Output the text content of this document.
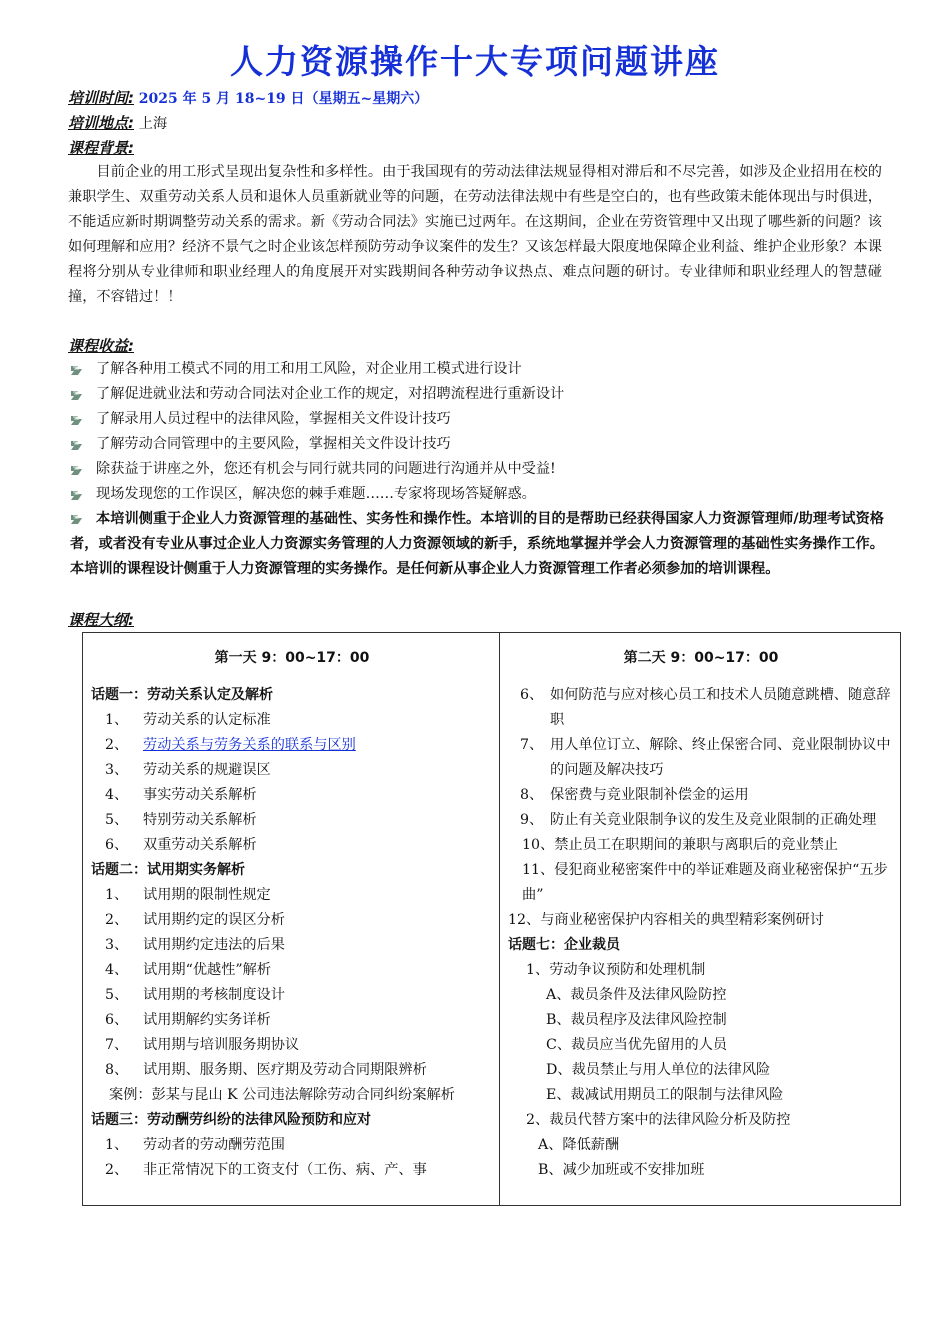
人力资源操作十大专项问题讲座
培训时间: 2025 年 5 月 18~19 日（星期五~星期六）
培训地点: 上海
课程背景:
目前企业的用工形式呈现出复杂性和多样性。由于我国现有的劳动法律法规显得相对滞后和不尽完善，如涉及企业招用在校的兼职学生、双重劳动关系人员和退休人员重新就业等的问题，在劳动法律法规中有些是空白的，也有些政策未能体现出与时俱进，不能适应新时期调整劳动关系的需求。新《劳动合同法》实施已过两年。在这期间，企业在劳资管理中又出现了哪些新的问题？该如何理解和应用？经济不景气之时企业该怎样预防劳动争议案件的发生？又该怎样最大限度地保障企业利益、维护企业形象？本课程将分别从专业律师和职业经理人的角度展开对实践期间各种劳动争议热点、难点问题的研讨。专业律师和职业经理人的智慧碰撞，不容错过！！
课程收益:
了解各种用工模式不同的用工和用工风险，对企业用工模式进行设计
了解促进就业法和劳动合同法对企业工作的规定，对招聘流程进行重新设计
了解录用人员过程中的法律风险，掌握相关文件设计技巧
了解劳动合同管理中的主要风险，掌握相关文件设计技巧
除获益于讲座之外，您还有机会与同行就共同的问题进行沟通并从中受益!
现场发现您的工作误区，解决您的棘手难题……专家将现场答疑解惑。
本培训侧重于企业人力资源管理的基础性、实务性和操作性。本培训的目的是帮助已经获得国家人力资源管理师/助理考试资格者，或者没有专业从事过企业人力资源实务管理的人力资源领域的新手，系统地掌握并学会人力资源管理的基础性实务操作工作。本培训的课程设计侧重于人力资源管理的实务操作。是任何新从事企业人力资源管理工作者必须参加的培训课程。
课程大纲:
第一天 9：00~17：00
话题一：劳动关系认定及解析
1、 劳动关系的认定标准
2、 劳动关系与劳务关系的联系与区别
3、 劳动关系的规避误区
4、 事实劳动关系解析
5、 特别劳动关系解析
6、 双重劳动关系解析
话题二：试用期实务解析
1、 试用期的限制性规定
2、 试用期约定的误区分析
3、 试用期约定违法的后果
4、 试用期“优越性”解析
5、 试用期的考核制度设计
6、 试用期解约实务详析
7、 试用期与培训服务期协议
8、 试用期、服务期、医疗期及劳动合同期限辨析
案例：彭某与昆山 K 公司违法解除劳动合同纠纷案解析
话题三：劳动酬劳纠纷的法律风险预防和应对
1、 劳动者的劳动酬劳范围
2、 非正常情况下的工资支付（工伤、病、产、事

第二天 9：00~17：00
6、 如何防范与应对核心员工和技术人员随意跳槽、随意辞职
7、 用人单位订立、解除、终止保密合同、竞业限制协议中的问题及解决技巧
8、 保密费与竞业限制补偿金的运用
9、 防止有关竞业限制争议的发生及竞业限制的正确处理
10、禁止员工在职期间的兼职与离职后的竞业禁止
11、侵犯商业秘密案件中的举证难题及商业秘密保护“五步曲”
12、与商业秘密保护内容相关的典型精彩案例研讨
话题七：企业裁员
1、劳动争议预防和处理机制
A、裁员条件及法律风险防控
B、裁员程序及法律风险控制
C、裁员应当优先留用的人员
D、裁员禁止与用人单位的法律风险
E、裁减试用期员工的限制与法律风险
2、裁员代替方案中的法律风险分析及防控
A、降低薪酬
B、减少加班或不安排加班
